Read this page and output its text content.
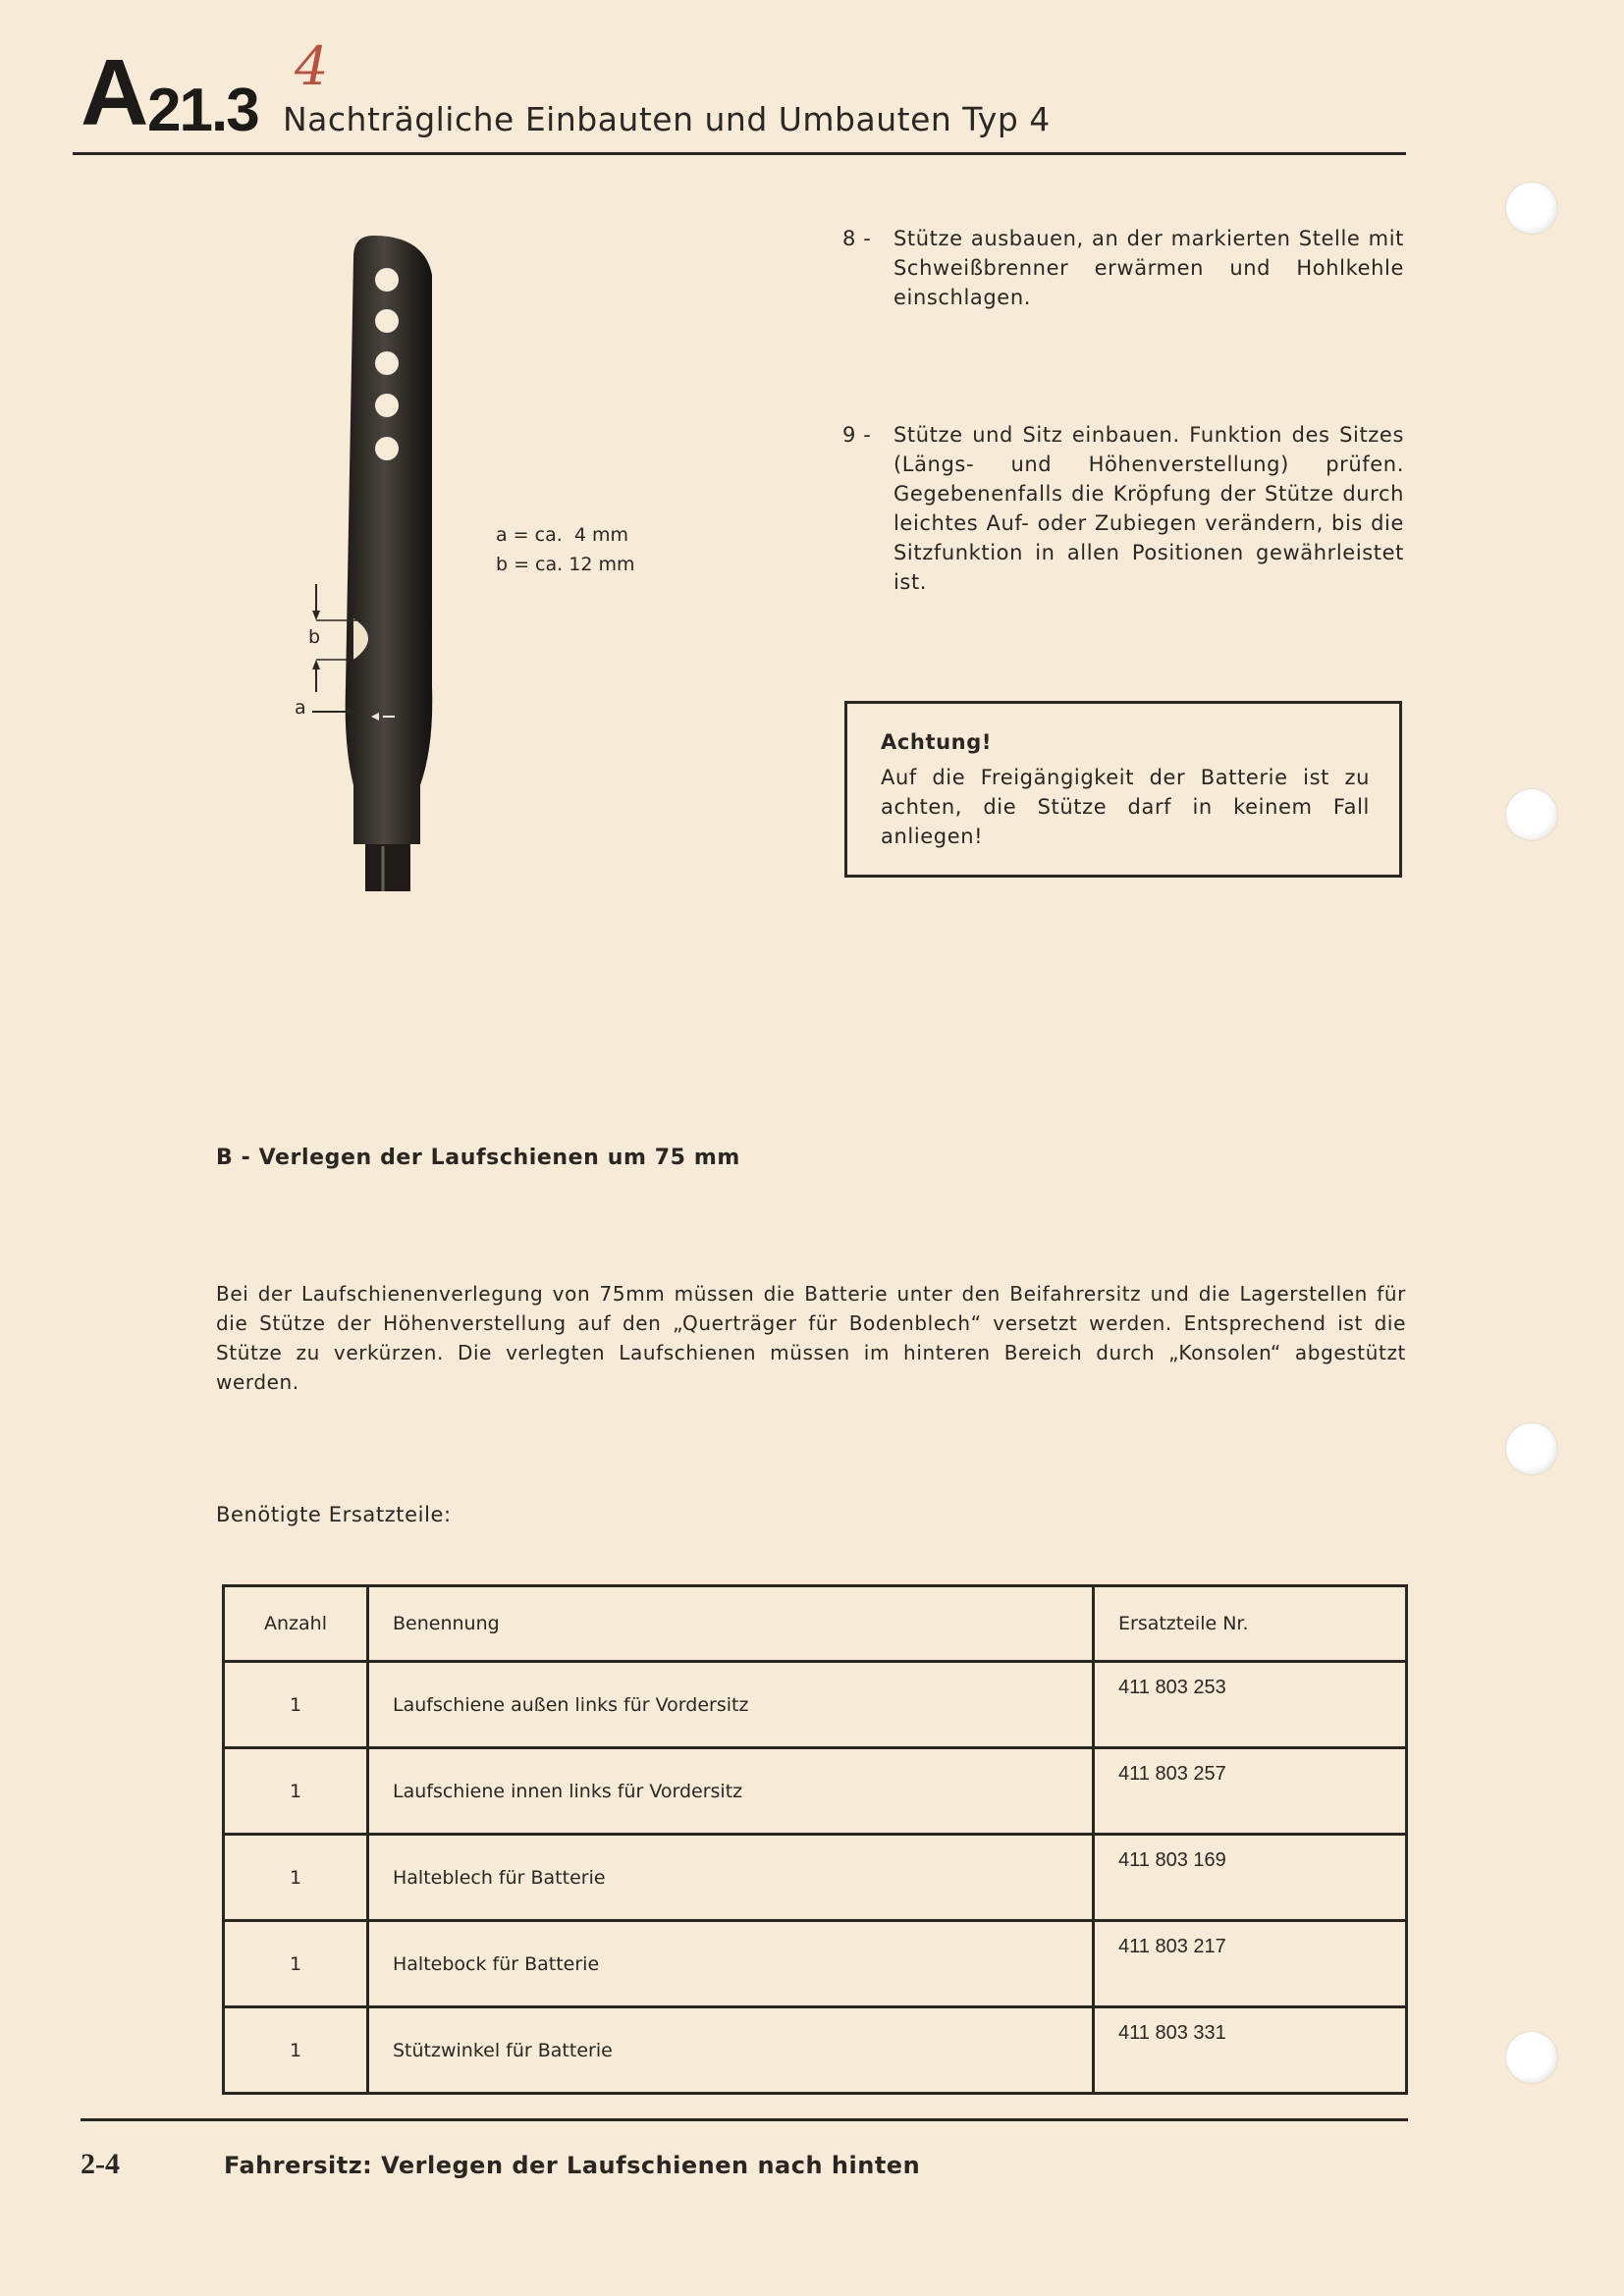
A
21.3
4
Nachträgliche Einbauten und Umbauten Typ 4
b
a
a = ca.  4 mm
b = ca. 12 mm
8 - Stütze ausbauen, an der markierten Stelle mit Schweißbrenner erwärmen und Hohlkehle einschlagen.
9 - Stütze und Sitz einbauen. Funktion des Sitzes (Längs- und Höhenverstellung) prüfen. Gegebenenfalls die Kröpfung der Stütze durch leichtes Auf- oder Zubiegen verändern, bis die Sitzfunktion in allen Positionen gewährleistet ist.
Achtung!
Auf die Freigängigkeit der Batterie ist zu achten, die Stütze darf in keinem Fall anliegen!
B - Verlegen der Laufschienen um 75 mm
Bei der Laufschienenverlegung von 75mm müssen die Batterie unter den Beifahrersitz und die Lagerstellen für die Stütze der Höhenverstellung auf den „Querträger für Bodenblech“ versetzt werden. Entsprechend ist die Stütze zu verkürzen. Die verlegten Laufschienen müssen im hinteren Bereich durch „Konsolen“ abgestützt werden.
Benötigte Ersatzteile:
Anzahl	Benennung	Ersatzteile Nr.
1	Laufschiene außen links für Vordersitz	411 803 253
1	Laufschiene innen links für Vordersitz	411 803 257
1	Halteblech für Batterie	411 803 169
1	Haltebock für Batterie	411 803 217
1	Stützwinkel für Batterie	411 803 331
2-4	Fahrersitz: Verlegen der Laufschienen nach hinten
